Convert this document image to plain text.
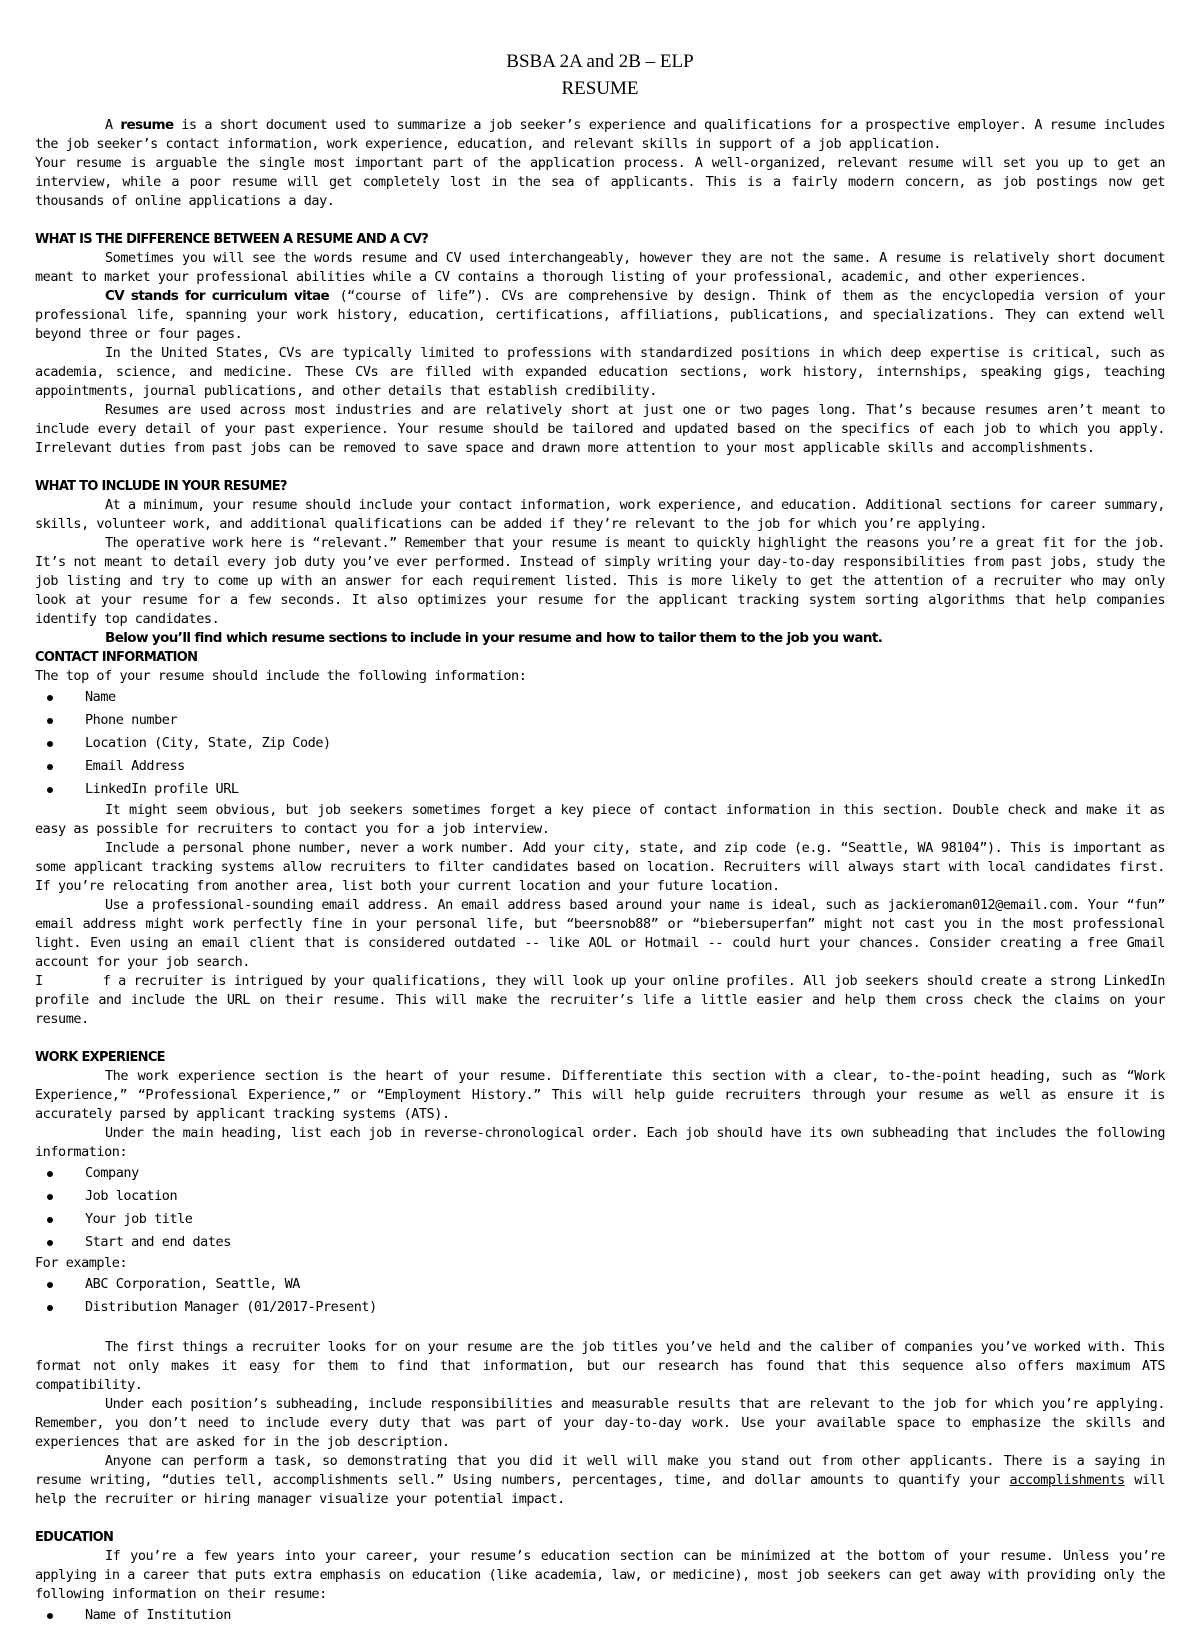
BSBA 2A and 2B – ELP
RESUME

A resume is a short document used to summarize a job seeker’s experience and qualifications for a prospective employer. A resume includes the job seeker’s contact information, work experience, education, and relevant skills in support of a job application.

Your resume is arguable the single most important part of the application process. A well-organized, relevant resume will set you up to get an interview, while a poor resume will get completely lost in the sea of applicants. This is a fairly modern concern, as job postings now get thousands of online applications a day.

WHAT IS THE DIFFERENCE BETWEEN A RESUME AND A CV?

Sometimes you will see the words resume and CV used interchangeably, however they are not the same. A resume is relatively short document meant to market your professional abilities while a CV contains a thorough listing of your professional, academic, and other experiences.

CV stands for curriculum vitae (“course of life”). CVs are comprehensive by design. Think of them as the encyclopedia version of your professional life, spanning your work history, education, certifications, affiliations, publications, and specializations. They can extend well beyond three or four pages.

In the United States, CVs are typically limited to professions with standardized positions in which deep expertise is critical, such as academia, science, and medicine. These CVs are filled with expanded education sections, work history, internships, speaking gigs, teaching appointments, journal publications, and other details that establish credibility.

Resumes are used across most industries and are relatively short at just one or two pages long. That’s because resumes aren’t meant to include every detail of your past experience. Your resume should be tailored and updated based on the specifics of each job to which you apply. Irrelevant duties from past jobs can be removed to save space and drawn more attention to your most applicable skills and accomplishments.

WHAT TO INCLUDE IN YOUR RESUME?

At a minimum, your resume should include your contact information, work experience, and education. Additional sections for career summary, skills, volunteer work, and additional qualifications can be added if they’re relevant to the job for which you’re applying.

The operative work here is “relevant.” Remember that your resume is meant to quickly highlight the reasons you’re a great fit for the job. It’s not meant to detail every job duty you’ve ever performed. Instead of simply writing your day-to-day responsibilities from past jobs, study the job listing and try to come up with an answer for each requirement listed. This is more likely to get the attention of a recruiter who may only look at your resume for a few seconds. It also optimizes your resume for the applicant tracking system sorting algorithms that help companies identify top candidates.

Below you’ll find which resume sections to include in your resume and how to tailor them to the job you want.

CONTACT INFORMATION

The top of your resume should include the following information:

Name
Phone number
Location (City, State, Zip Code)
Email Address
LinkedIn profile URL

It might seem obvious, but job seekers sometimes forget a key piece of contact information in this section. Double check and make it as easy as possible for recruiters to contact you for a job interview.

Include a personal phone number, never a work number. Add your city, state, and zip code (e.g. “Seattle, WA 98104”). This is important as some applicant tracking systems allow recruiters to filter candidates based on location. Recruiters will always start with local candidates first. If you’re relocating from another area, list both your current location and your future location.

Use a professional-sounding email address. An email address based around your name is ideal, such as jackieroman012@email.com. Your “fun” email address might work perfectly fine in your personal life, but “beersnob88” or “biebersuperfan” might not cast you in the most professional light. Even using an email client that is considered outdated -- like AOL or Hotmail -- could hurt your chances. Consider creating a free Gmail account for your job search.

I	f a recruiter is intrigued by your qualifications, they will look up your online profiles. All job seekers should create a strong LinkedIn profile and include the URL on their resume. This will make the recruiter’s life a little easier and help them cross check the claims on your resume.

WORK EXPERIENCE

The work experience section is the heart of your resume. Differentiate this section with a clear, to-the-point heading, such as “Work Experience,” “Professional Experience,” or “Employment History.” This will help guide recruiters through your resume as well as ensure it is accurately parsed by applicant tracking systems (ATS).

Under the main heading, list each job in reverse-chronological order. Each job should have its own subheading that includes the following information:

Company
Job location
Your job title
Start and end dates

For example:

ABC Corporation, Seattle, WA
Distribution Manager (01/2017-Present)

The first things a recruiter looks for on your resume are the job titles you’ve held and the caliber of companies you’ve worked with. This format not only makes it easy for them to find that information, but our research has found that this sequence also offers maximum ATS compatibility.

Under each position’s subheading, include responsibilities and measurable results that are relevant to the job for which you’re applying. Remember, you don’t need to include every duty that was part of your day-to-day work. Use your available space to emphasize the skills and experiences that are asked for in the job description.

Anyone can perform a task, so demonstrating that you did it well will make you stand out from other applicants. There is a saying in resume writing, “duties tell, accomplishments sell.” Using numbers, percentages, time, and dollar amounts to quantify your accomplishments will help the recruiter or hiring manager visualize your potential impact.

EDUCATION

If you’re a few years into your career, your resume’s education section can be minimized at the bottom of your resume. Unless you’re applying in a career that puts extra emphasis on education (like academia, law, or medicine), most job seekers can get away with providing only the following information on their resume:

Name of Institution
